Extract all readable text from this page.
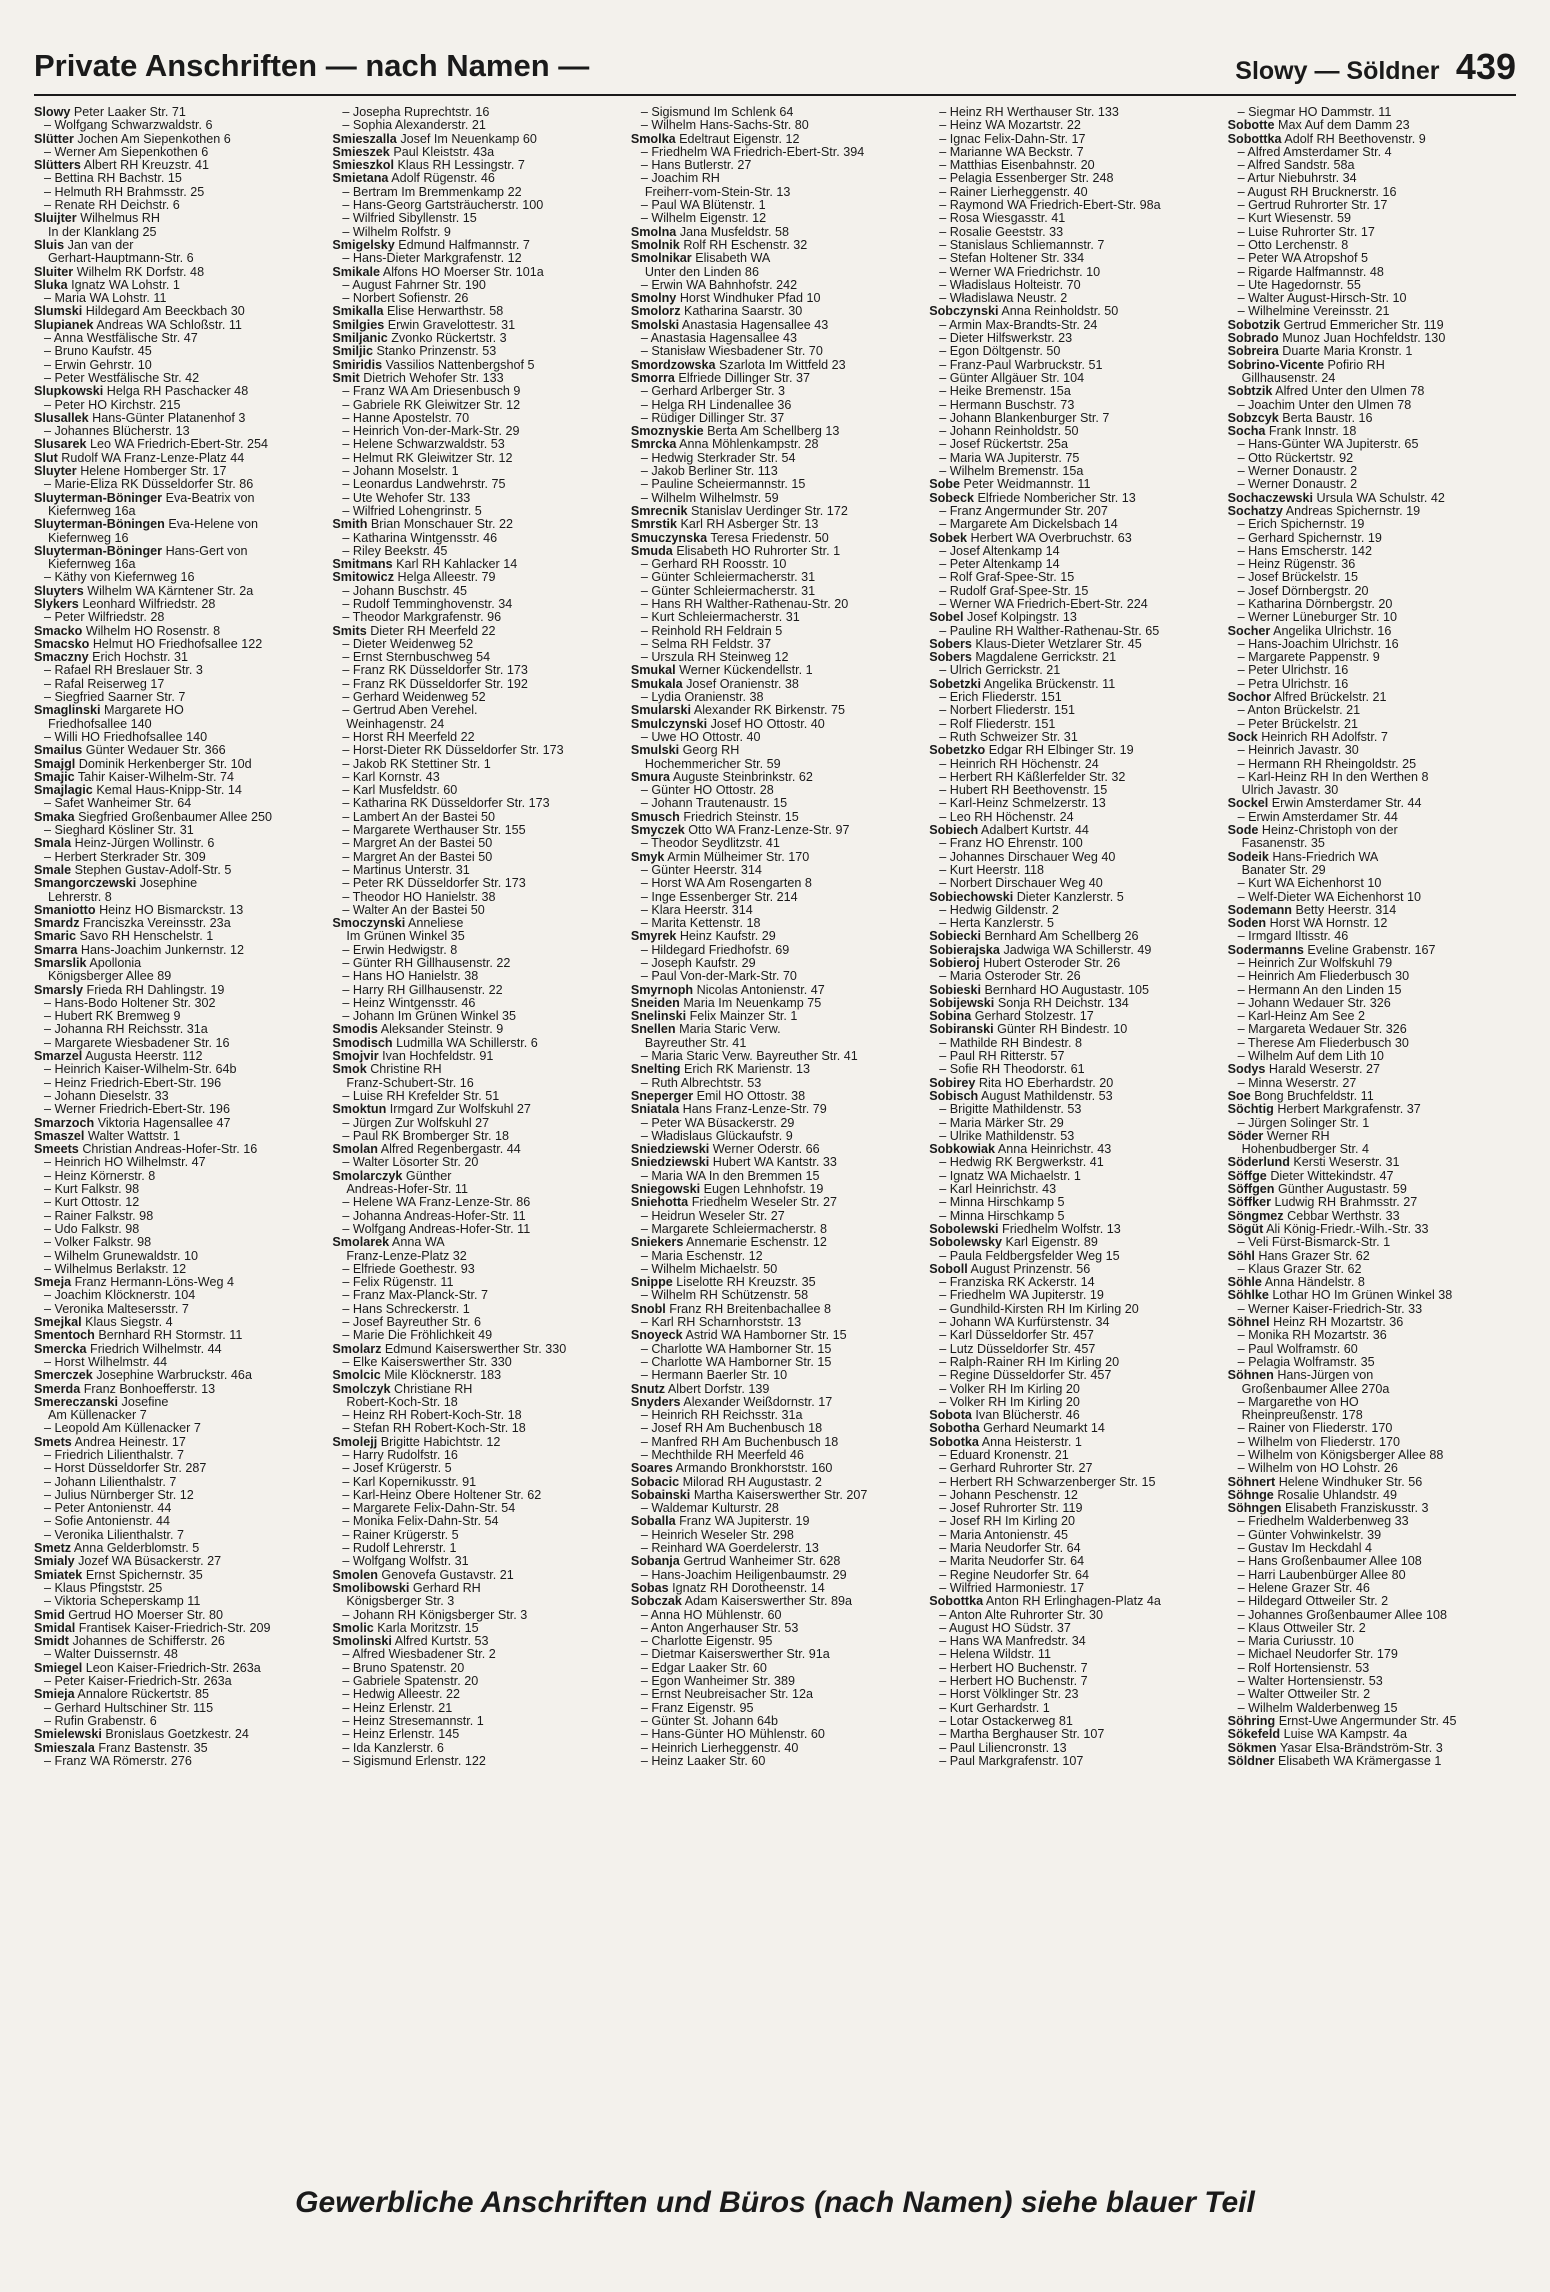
Private Anschriften — nach Namen —	Slowy — Söldner 439
Slowy Peter Laaker Str. 71
– Wolfgang Schwarzwaldstr. 6
Slütter Jochen Am Siepenkothen 6
– Werner Am Siepenkothen 6
Slütters Albert RH Kreuzstr. 41
– Bettina RH Bachstr. 15
– Helmuth RH Brahmsstr. 25
– Renate RH Deichstr. 6
Sluijter Wilhelmus RH
In der Klanklang 25
Sluis Jan van der
Gerhart-Hauptmann-Str. 6
Sluiter Wilhelm RK Dorfstr. 48
Sluka Ignatz WA Lohstr. 1
– Maria WA Lohstr. 11
Slumski Hildegard Am Beeckbach 30
Slupianek Andreas WA Schloßstr. 11
– Anna Westfälische Str. 47
– Bruno Kaufstr. 45
– Erwin Gehrstr. 10
– Peter Westfälische Str. 42
Slupkowski Helga RH Paschacker 48
– Peter HO Kirchstr. 215
Slusallek Hans-Günter Platanenhof 3
– Johannes Blücherstr. 13
Slusarek Leo WA Friedrich-Ebert-Str. 254
Slut Rudolf WA Franz-Lenze-Platz 44
Sluyter Helene Homberger Str. 17
– Marie-Eliza RK Düsseldorfer Str. 86
Sluyterman-Böninger Eva-Beatrix von
Kiefernweg 16a
Sluyterman-Böningen Eva-Helene von
Kiefernweg 16
Sluyterman-Böninger Hans-Gert von
Kiefernweg 16a
– Käthy von Kiefernweg 16
Sluyters Wilhelm WA Kärntener Str. 2a
Slykers Leonhard Wilfriedstr. 28
– Peter Wilfriedstr. 28
Smacko Wilhelm HO Rosenstr. 8
Smacsko Helmut HO Friedhofsallee 122
Smaczny Erich Hochstr. 31
– Rafael RH Breslauer Str. 3
– Rafal Reiserweg 17
– Siegfried Saarner Str. 7
Smaglinski Margarete HO
Friedhofsallee 140
– Willi HO Friedhofsallee 140
Smailus Günter Wedauer Str. 366
Smajgl Dominik Herkenberger Str. 10d
Smajic Tahir Kaiser-Wilhelm-Str. 74
Smajlagic Kemal Haus-Knipp-Str. 14
– Safet Wanheimer Str. 64
Smaka Siegfried Großenbaumer Allee 250
– Sieghard Kösliner Str. 31
Smala Heinz-Jürgen Wollinstr. 6
– Herbert Sterkrader Str. 309
Smale Stephen Gustav-Adolf-Str. 5
Smangorczewski Josephine
Lehrerstr. 8
Smaniotto Heinz HO Bismarckstr. 13
Smardz Franciszka Vereinsstr. 23a
Smaric Savo RH Henschelstr. 1
Smarra Hans-Joachim Junkernstr. 12
Smarslik Apollonia
Königsberger Allee 89
Smarsly Frieda RH Dahlingstr. 19
– Hans-Bodo Holtener Str. 302
– Hubert RK Bremweg 9
– Johanna RH Reichsstr. 31a
– Margarete Wiesbadener Str. 16
Smarzel Augusta Heerstr. 112
– Heinrich Kaiser-Wilhelm-Str. 64b
– Heinz Friedrich-Ebert-Str. 196
– Johann Dieselstr. 33
– Werner Friedrich-Ebert-Str. 196
Smarzoch Viktoria Hagensallee 47
Smaszel Walter Wattstr. 1
Smeets Christian Andreas-Hofer-Str. 16
– Heinrich HO Wilhelmstr. 47
– Heinz Körnerstr. 8
– Kurt Falkstr. 98
– Kurt Ottostr. 12
– Rainer Falkstr. 98
– Udo Falkstr. 98
– Volker Falkstr. 98
– Wilhelm Grunewaldstr. 10
– Wilhelmus Berlakstr. 12
Smeja Franz Hermann-Löns-Weg 4
– Joachim Klöcknerstr. 104
– Veronika Maltesersstr. 7
Smejkal Klaus Siegstr. 4
Smentoch Bernhard RH Stormstr. 11
Smercka Friedrich Wilhelmstr. 44
– Horst Wilhelmstr. 44
Smerczek Josephine Warbruckstr. 46a
Smerda Franz Bonhoefferstr. 13
Smereczanski Josefine
Am Küllenacker 7
– Leopold Am Küllenacker 7
Smets Andrea Heinestr. 17
– Friedrich Lilienthalstr. 7
– Horst Düsseldorfer Str. 287
– Johann Lilienthalstr. 7
– Julius Nürnberger Str. 12
– Peter Antonienstr. 44
– Sofie Antonienstr. 44
– Veronika Lilienthalstr. 7
Smetz Anna Gelderblomstr. 5
Smialy Jozef WA Büsackerstr. 27
Smiatek Ernst Spichernstr. 35
– Klaus Pfingststr. 25
– Viktoria Scheperskamp 11
Smid Gertrud HO Moerser Str. 80
Smidal Frantisek Kaiser-Friedrich-Str. 209
Smidt Johannes de Schifferstr. 26
– Walter Duissernstr. 48
Smiegel Leon Kaiser-Friedrich-Str. 263a
– Peter Kaiser-Friedrich-Str. 263a
Smieja Annalore Rückertstr. 85
– Gerhard Hultschiner Str. 115
– Rufin Grabenstr. 6
Smielewski Bronislaus Goetzkestr. 24
Smieszala Franz Bastenstr. 35
– Franz WA Römerstr. 276
– Josepha Ruprechtstr. 16
– Sophia Alexanderstr. 21
Smieszalla Josef Im Neuenkamp 60
Smieszek Paul Kleiststr. 43a
Smieszkol Klaus RH Lessingstr. 7
Smietana Adolf Rügenstr. 46
– Bertram Im Bremmenkamp 22
– Hans-Georg Gartsträucherstr. 100
– Wilfried Sibyllenstr. 15
– Wilhelm Rolfstr. 9
Smigelsky Edmund Halfmannstr. 7
– Hans-Dieter Markgrafenstr. 12
Smikale Alfons HO Moerser Str. 101a
– August Fahrner Str. 190
– Norbert Sofienstr. 26
Smikalla Elise Herwarthstr. 58
Smilgies Erwin Gravelottestr. 31
Smiljanic Zvonko Rückertstr. 3
Smiljic Stanko Prinzenstr. 53
Smiridis Vassilios Nattenbergshof 5
Smit Dietrich Wehofer Str. 133
– Franz WA Am Driesenbusch 9
– Gabriele RK Gleiwitzer Str. 12
– Hanne Apostelstr. 70
– Heinrich Von-der-Mark-Str. 29
– Helene Schwarzwaldstr. 53
– Helmut RK Gleiwitzer Str. 12
– Johann Moselstr. 1
– Leonardus Landwehrstr. 75
– Ute Wehofer Str. 133
– Wilfried Lohengrinstr. 5
Smith Brian Monschauer Str. 22
– Katharina Wintgensstr. 46
– Riley Beekstr. 45
Smitmans Karl RH Kahlacker 14
Smitowicz Helga Alleestr. 79
– Johann Buschstr. 45
– Rudolf Temminghovenstr. 34
– Theodor Markgrafenstr. 96
Smits Dieter RH Meerfeld 22
– Dieter Weidenweg 52
– Ernst Sternbuschweg 54
– Franz RK Düsseldorfer Str. 173
– Franz RK Düsseldorfer Str. 192
– Gerhard Weidenweg 52
– Gertrud Aben Verehel.
Weinhagenstr. 24
– Horst RH Meerfeld 22
– Horst-Dieter RK Düsseldorfer Str. 173
– Jakob RK Stettiner Str. 1
– Karl Kornstr. 43
– Karl Musfeldstr. 60
– Katharina RK Düsseldorfer Str. 173
– Lambert An der Bastei 50
– Margarete Werthauser Str. 155
– Margret An der Bastei 50
– Margret An der Bastei 50
– Martinus Unterstr. 31
– Peter RK Düsseldorfer Str. 173
– Theodor HO Hanielstr. 38
– Walter An der Bastei 50
Smoczynski Anneliese
Im Grünen Winkel 35
– Erwin Hedwigstr. 8
– Günter RH Gillhausenstr. 22
– Hans HO Hanielstr. 38
– Harry RH Gillhausenstr. 22
– Heinz Wintgensstr. 46
– Johann Im Grünen Winkel 35
Smodis Aleksander Steinstr. 9
Smodisch Ludmilla WA Schillerstr. 6
Smojvir Ivan Hochfeldstr. 91
Smok Christine RH
Franz-Schubert-Str. 16
– Luise RH Krefelder Str. 51
Smoktun Irmgard Zur Wolfskuhl 27
– Jürgen Zur Wolfskuhl 27
– Paul RK Bromberger Str. 18
Smolan Alfred Regenbergastr. 44
– Walter Lösorter Str. 20
Smolarczyk Günther
Andreas-Hofer-Str. 11
– Helene WA Franz-Lenze-Str. 86
– Johanna Andreas-Hofer-Str. 11
– Wolfgang Andreas-Hofer-Str. 11
Smolarek Anna WA
Franz-Lenze-Platz 32
– Elfriede Goethestr. 93
– Felix Rügenstr. 11
– Franz Max-Planck-Str. 7
– Hans Schreckerstr. 1
– Josef Bayreuther Str. 6
– Marie Die Fröhlichkeit 49
Smolarz Edmund Kaiserswerther Str. 330
– Elke Kaiserswerther Str. 330
Smolcic Mile Klöcknerstr. 183
Smolczyk Christiane RH
Robert-Koch-Str. 18
– Heinz RH Robert-Koch-Str. 18
– Stefan RH Robert-Koch-Str. 18
Smolejj Brigitte Habichtstr. 12
– Harry Rudolfstr. 16
– Josef Krügerstr. 5
– Karl Kopernikusstr. 91
– Karl-Heinz Obere Holtener Str. 62
– Margarete Felix-Dahn-Str. 54
– Monika Felix-Dahn-Str. 54
– Rainer Krügerstr. 5
– Rudolf Lehrerstr. 1
– Wolfgang Wolfstr. 31
Smolen Genovefa Gustavstr. 21
Smolibowski Gerhard RH
Königsberger Str. 3
– Johann RH Königsberger Str. 3
Smolic Karla Moritzstr. 15
Smolinski Alfred Kurtstr. 53
– Alfred Wiesbadener Str. 2
– Bruno Spatenstr. 20
– Gabriele Spatenstr. 20
– Hedwig Alleestr. 22
– Heinz Erlenstr. 21
– Heinz Stresemannstr. 1
– Heinz Erlenstr. 145
– Ida Kanzlerstr. 6
– Sigismund Erlenstr. 122
– Sigismund Im Schlenk 64
– Wilhelm Hans-Sachs-Str. 80
Smolka Edeltraut Eigenstr. 12
– Friedhelm WA Friedrich-Ebert-Str. 394
– Hans Butlerstr. 27
– Joachim RH
Freiherr-vom-Stein-Str. 13
– Paul WA Blütenstr. 1
– Wilhelm Eigenstr. 12
Smolna Jana Musfeldstr. 58
Smolnik Rolf RH Eschenstr. 32
Smolnikar Elisabeth WA
Unter den Linden 86
– Erwin WA Bahnhofstr. 242
Smolny Horst Windhuker Pfad 10
Smolorz Katharina Saarstr. 30
Smolski Anastasia Hagensallee 43
– Anastasia Hagensallee 43
– Stanisław Wiesbadener Str. 70
Smordzowska Szarlota Im Wittfeld 23
Smorra Elfriede Dillinger Str. 37
– Gerhard Arlberger Str. 3
– Helga RH Lindenallee 36
– Rüdiger Dillinger Str. 37
Smoznyskie Berta Am Schellberg 13
Smrcka Anna Möhlenkampstr. 28
– Hedwig Sterkrader Str. 54
– Jakob Berliner Str. 113
– Pauline Scheiermannstr. 15
– Wilhelm Wilhelmstr. 59
Smrecnik Stanislav Uerdinger Str. 172
Smrstik Karl RH Asberger Str. 13
Smuczynska Teresa Friedenstr. 50
Smuda Elisabeth HO Ruhrorter Str. 1
– Gerhard RH Roosstr. 10
– Günter Schleiermacherstr. 31
– Günter Schleiermacherstr. 31
– Hans RH Walther-Rathenau-Str. 20
– Kurt Schleiermacherstr. 31
– Reinhold RH Feldrain 5
– Selma RH Feldstr. 37
– Urszula RH Steinweg 12
Smukal Werner Kückendellstr. 1
Smukala Josef Oranienstr. 38
– Lydia Oranienstr. 38
Smularski Alexander RK Birkenstr. 75
Smulczynski Josef HO Ottostr. 40
– Uwe HO Ottostr. 40
Smulski Georg RH
Hochemmericher Str. 59
Smura Auguste Steinbrinkstr. 62
– Günter HO Ottostr. 28
– Johann Trautenaustr. 15
Smusch Friedrich Steinstr. 15
Smyczek Otto WA Franz-Lenze-Str. 97
– Theodor Seydlitzstr. 41
Smyk Armin Mülheimer Str. 170
– Günter Heerstr. 314
– Horst WA Am Rosengarten 8
– Inge Essenberger Str. 214
– Klara Heerstr. 314
– Marita Kettenstr. 18
Smyrek Heinz Kaufstr. 29
– Hildegard Friedhofstr. 69
– Joseph Kaufstr. 29
– Paul Von-der-Mark-Str. 70
Smyrnoph Nicolas Antonienstr. 47
Sneiden Maria Im Neuenkamp 75
Snelinski Felix Mainzer Str. 1
Snellen Maria Staric Verw.
Bayreuther Str. 41
– Maria Staric Verw. Bayreuther Str. 41
Snelting Erich RK Marienstr. 13
– Ruth Albrechtstr. 53
Sneperger Emil HO Ottostr. 38
Sniatala Hans Franz-Lenze-Str. 79
– Peter WA Büsackerstr. 29
– Władislaus Glückaufstr. 9
Sniedziewski Werner Oderstr. 66
Sniedziewski Hubert WA Kantstr. 33
– Maria WA In den Bremmen 15
Sniegowski Eugen Lehnhofstr. 19
Sniehotta Friedhelm Weseler Str. 27
– Heidrun Weseler Str. 27
– Margarete Schleiermacherstr. 8
Sniekers Annemarie Eschenstr. 12
– Maria Eschenstr. 12
– Wilhelm Michaelstr. 50
Snippe Liselotte RH Kreuzstr. 35
– Wilhelm RH Schützenstr. 58
Snobl Franz RH Breitenbachallee 8
– Karl RH Scharnhorststr. 13
Snoyeck Astrid WA Hamborner Str. 15
– Charlotte WA Hamborner Str. 15
– Charlotte WA Hamborner Str. 15
– Hermann Baerler Str. 10
Snutz Albert Dorfstr. 139
Snyders Alexander Weißdornstr. 17
– Heinrich RH Reichsstr. 31a
– Josef RH Am Buchenbusch 18
– Manfred RH Am Buchenbusch 18
– Mechthilde RH Meerfeld 46
Soares Armando Bronkhorststr. 160
Sobacic Milorad RH Augustastr. 2
Sobainski Martha Kaiserswerther Str. 207
– Waldemar Kulturstr. 28
Soballa Franz WA Jupiterstr. 19
– Heinrich Weseler Str. 298
– Reinhard WA Goerdelerstr. 13
Sobanja Gertrud Wanheimer Str. 628
– Hans-Joachim Heiligenbaumstr. 29
Sobas Ignatz RH Dorotheenstr. 14
Sobczak Adam Kaiserswerther Str. 89a
– Anna HO Mühlenstr. 60
– Anton Angerhauser Str. 53
– Charlotte Eigenstr. 95
– Dietmar Kaiserswerther Str. 91a
– Edgar Laaker Str. 60
– Egon Wanheimer Str. 389
– Ernst Neubreisacher Str. 12a
– Franz Eigenstr. 95
– Günter St. Johann 64b
– Hans-Günter HO Mühlenstr. 60
– Heinrich Lierheggenstr. 40
– Heinz Laaker Str. 60
– Heinz RH Werthauser Str. 133
– Heinz WA Mozartstr. 22
– Ignac Felix-Dahn-Str. 17
– Marianne WA Beckstr. 7
– Matthias Eisenbahnstr. 20
– Pelagia Essenberger Str. 248
– Rainer Lierheggenstr. 40
– Raymond WA Friedrich-Ebert-Str. 98a
– Rosa Wiesgasstr. 41
– Rosalie Geeststr. 33
– Stanislaus Schliemannstr. 7
– Stefan Holtener Str. 334
– Werner WA Friedrichstr. 10
– Władislaus Holteistr. 70
– Władislawa Neustr. 2
Sobczynski Anna Reinholdstr. 50
– Armin Max-Brandts-Str. 24
– Dieter Hilfswerkstr. 23
– Egon Döltgenstr. 50
– Franz-Paul Warbruckstr. 51
– Günter Allgäuer Str. 104
– Heike Bremenstr. 15a
– Hermann Buschstr. 73
– Johann Blankenburger Str. 7
– Johann Reinholdstr. 50
– Josef Rückertstr. 25a
– Maria WA Jupiterstr. 75
– Wilhelm Bremenstr. 15a
Sobe Peter Weidmannstr. 11
Sobeck Elfriede Nombericher Str. 13
– Franz Angermunder Str. 207
– Margarete Am Dickelsbach 14
Sobek Herbert WA Overbruchstr. 63
– Josef Altenkamp 14
– Peter Altenkamp 14
– Rolf Graf-Spee-Str. 15
– Rudolf Graf-Spee-Str. 15
– Werner WA Friedrich-Ebert-Str. 224
Sobel Josef Kolpingstr. 13
– Pauline RH Walther-Rathenau-Str. 65
Sobers Klaus-Dieter Wetzlarer Str. 45
Sobers Magdalene Gerrickstr. 21
– Ulrich Gerrickstr. 21
Sobetzki Angelika Brückenstr. 11
– Erich Fliederstr. 151
– Norbert Fliederstr. 151
– Rolf Fliederstr. 151
– Ruth Schweizer Str. 31
Sobetzko Edgar RH Elbinger Str. 19
– Heinrich RH Höchenstr. 24
– Herbert RH Käßlerfelder Str. 32
– Hubert RH Beethovenstr. 15
– Karl-Heinz Schmelzerstr. 13
– Leo RH Höchenstr. 24
Sobiech Adalbert Kurtstr. 44
– Franz HO Ehrenstr. 100
– Johannes Dirschauer Weg 40
– Kurt Heerstr. 118
– Norbert Dirschauer Weg 40
Sobiechowski Dieter Kanzlerstr. 5
– Hedwig Gildenstr. 2
– Herta Kanzlerstr. 5
Sobiecki Bernhard Am Schellberg 26
Sobierajska Jadwiga WA Schillerstr. 49
Sobieroj Hubert Osteroder Str. 26
– Maria Osteroder Str. 26
Sobieski Bernhard HO Augustastr. 105
Sobijewski Sonja RH Deichstr. 134
Sobina Gerhard Stolzestr. 17
Sobiranski Günter RH Bindestr. 10
– Mathilde RH Bindestr. 8
– Paul RH Ritterstr. 57
– Sofie RH Theodorstr. 61
Sobirey Rita HO Eberhardstr. 20
Sobisch August Mathildenstr. 53
– Brigitte Mathildenstr. 53
– Maria Märker Str. 29
– Ulrike Mathildenstr. 53
Sobkowiak Anna Heinrichstr. 43
– Hedwig RK Bergwerkstr. 41
– Ignatz WA Michaelstr. 1
– Karl Heinrichstr. 43
– Minna Hirschkamp 5
– Minna Hirschkamp 5
Sobolewski Friedhelm Wolfstr. 13
Sobolewsky Karl Eigenstr. 89
– Paula Feldbergsfelder Weg 15
Soboll August Prinzenstr. 56
– Franziska RK Ackerstr. 14
– Friedhelm WA Jupiterstr. 19
– Gundhild-Kirsten RH Im Kirling 20
– Johann WA Kurfürstenstr. 34
– Karl Düsseldorfer Str. 457
– Lutz Düsseldorfer Str. 457
– Ralph-Rainer RH Im Kirling 20
– Regine Düsseldorfer Str. 457
– Volker RH Im Kirling 20
– Volker RH Im Kirling 20
Sobota Ivan Blücherstr. 46
Sobotha Gerhard Neumarkt 14
Sobotka Anna Heisterstr. 1
– Eduard Kronenstr. 21
– Gerhard Ruhrorter Str. 27
– Herbert RH Schwarzenberger Str. 15
– Johann Peschenstr. 12
– Josef Ruhrorter Str. 119
– Josef RH Im Kirling 20
– Maria Antonienstr. 45
– Maria Neudorfer Str. 64
– Marita Neudorfer Str. 64
– Regine Neudorfer Str. 64
– Wilfried Harmoniestr. 17
Sobottka Anton RH Erlinghagen-Platz 4a
– Anton Alte Ruhrorter Str. 30
– August HO Südstr. 37
– Hans WA Manfredstr. 34
– Helena Wildstr. 11
– Herbert HO Buchenstr. 7
– Herbert HO Buchenstr. 7
– Horst Völklinger Str. 23
– Kurt Gerhardstr. 1
– Lotar Ostackerweg 81
– Martha Berghauser Str. 107
– Paul Liliencronstr. 13
– Paul Markgrafenstr. 107
– Siegmar HO Dammstr. 11
Sobotte Max Auf dem Damm 23
Sobottka Adolf RH Beethovenstr. 9
– Alfred Amsterdamer Str. 4
– Alfred Sandstr. 58a
– Artur Niebuhrstr. 34
– August RH Brucknerstr. 16
– Gertrud Ruhrorter Str. 17
– Kurt Wiesenstr. 59
– Luise Ruhrorter Str. 17
– Otto Lerchenstr. 8
– Peter WA Atropshof 5
– Rigarde Halfmannstr. 48
– Ute Hagedornstr. 55
– Walter August-Hirsch-Str. 10
– Wilhelmine Vereinsstr. 21
Sobotzik Gertrud Emmericher Str. 119
Sobrado Munoz Juan Hochfeldstr. 130
Sobreira Duarte Maria Kronstr. 1
Sobrino-Vicente Pofirio RH
Gillhausenstr. 24
Sobtzik Alfred Unter den Ulmen 78
– Joachim Unter den Ulmen 78
Sobzcyk Berta Baustr. 16
Socha Frank Innstr. 18
– Hans-Günter WA Jupiterstr. 65
– Otto Rückertstr. 92
– Werner Donaustr. 2
– Werner Donaustr. 2
Sochaczewski Ursula WA Schulstr. 42
Sochatzy Andreas Spichernstr. 19
– Erich Spichernstr. 19
– Gerhard Spichernstr. 19
– Hans Emscherstr. 142
– Heinz Rügenstr. 36
– Josef Brückelstr. 15
– Josef Dörnbergstr. 20
– Katharina Dörnbergstr. 20
– Werner Lüneburger Str. 10
Socher Angelika Ulrichstr. 16
– Hans-Joachim Ulrichstr. 16
– Margarete Pappenstr. 9
– Peter Ulrichstr. 16
– Petra Ulrichstr. 16
Sochor Alfred Brückelstr. 21
– Anton Brückelstr. 21
– Peter Brückelstr. 21
Sock Heinrich RH Adolfstr. 7
– Heinrich Javastr. 30
– Hermann RH Rheingoldstr. 25
– Karl-Heinz RH In den Werthen 8
Ulrich Javastr. 30
Sockel Erwin Amsterdamer Str. 44
– Erwin Amsterdamer Str. 44
Sode Heinz-Christoph von der
Fasanenstr. 35
Sodeik Hans-Friedrich WA
Banater Str. 29
– Kurt WA Eichenhorst 10
– Welf-Dieter WA Eichenhorst 10
Sodemann Betty Heerstr. 314
Soden Horst WA Hornstr. 12
– Irmgard Iltisstr. 46
Sodermanns Eveline Grabenstr. 167
– Heinrich Zur Wolfskuhl 79
– Heinrich Am Fliederbusch 30
– Hermann An den Linden 15
– Johann Wedauer Str. 326
– Karl-Heinz Am See 2
– Margareta Wedauer Str. 326
– Therese Am Fliederbusch 30
– Wilhelm Auf dem Lith 10
Sodys Harald Weserstr. 27
– Minna Weserstr. 27
Soe Bong Bruchfeldstr. 11
Söchtig Herbert Markgrafenstr. 37
– Jürgen Solinger Str. 1
Söder Werner RH
Hohenbudberger Str. 4
Söderlund Kersti Weserstr. 31
Söffge Dieter Wittekindstr. 47
Söffgen Günther Augustastr. 59
Söffker Ludwig RH Brahmsstr. 27
Söngmez Cebbar Werthstr. 33
Sögüt Ali König-Friedr.-Wilh.-Str. 33
– Veli Fürst-Bismarck-Str. 1
Söhl Hans Grazer Str. 62
– Klaus Grazer Str. 62
Söhle Anna Händelstr. 8
Söhlke Lothar HO Im Grünen Winkel 38
– Werner Kaiser-Friedrich-Str. 33
Söhnel Heinz RH Mozartstr. 36
– Monika RH Mozartstr. 36
– Paul Wolframstr. 60
– Pelagia Wolframstr. 35
Söhnen Hans-Jürgen von
Großenbaumer Allee 270a
– Margarethe von HO
Rheinpreußenstr. 178
– Rainer von Fliederstr. 170
– Wilhelm von Fliederstr. 170
– Wilhelm von Königsberger Allee 88
– Wilhelm von HO Lohstr. 26
Söhnert Helene Windhuker Str. 56
Söhnge Rosalie Uhlandstr. 49
Söhngen Elisabeth Franziskusstr. 3
– Friedhelm Walderbenweg 33
– Günter Vohwinkelstr. 39
– Gustav Im Heckdahl 4
– Hans Großenbaumer Allee 108
– Harri Laubenbürger Allee 80
– Helene Grazer Str. 46
– Hildegard Ottweiler Str. 2
– Johannes Großenbaumer Allee 108
– Klaus Ottweiler Str. 2
– Maria Curiusstr. 10
– Michael Neudorfer Str. 179
– Rolf Hortensienstr. 53
– Walter Hortensienstr. 53
– Walter Ottweiler Str. 2
– Wilhelm Walderbenweg 15
Söhring Ernst-Uwe Angermunder Str. 45
Sökefeld Luise WA Kampstr. 4a
Sökmen Yasar Elsa-Brändström-Str. 3
Söldner Elisabeth WA Krämergasse 1
Gewerbliche Anschriften und Büros (nach Namen) siehe blauer Teil
